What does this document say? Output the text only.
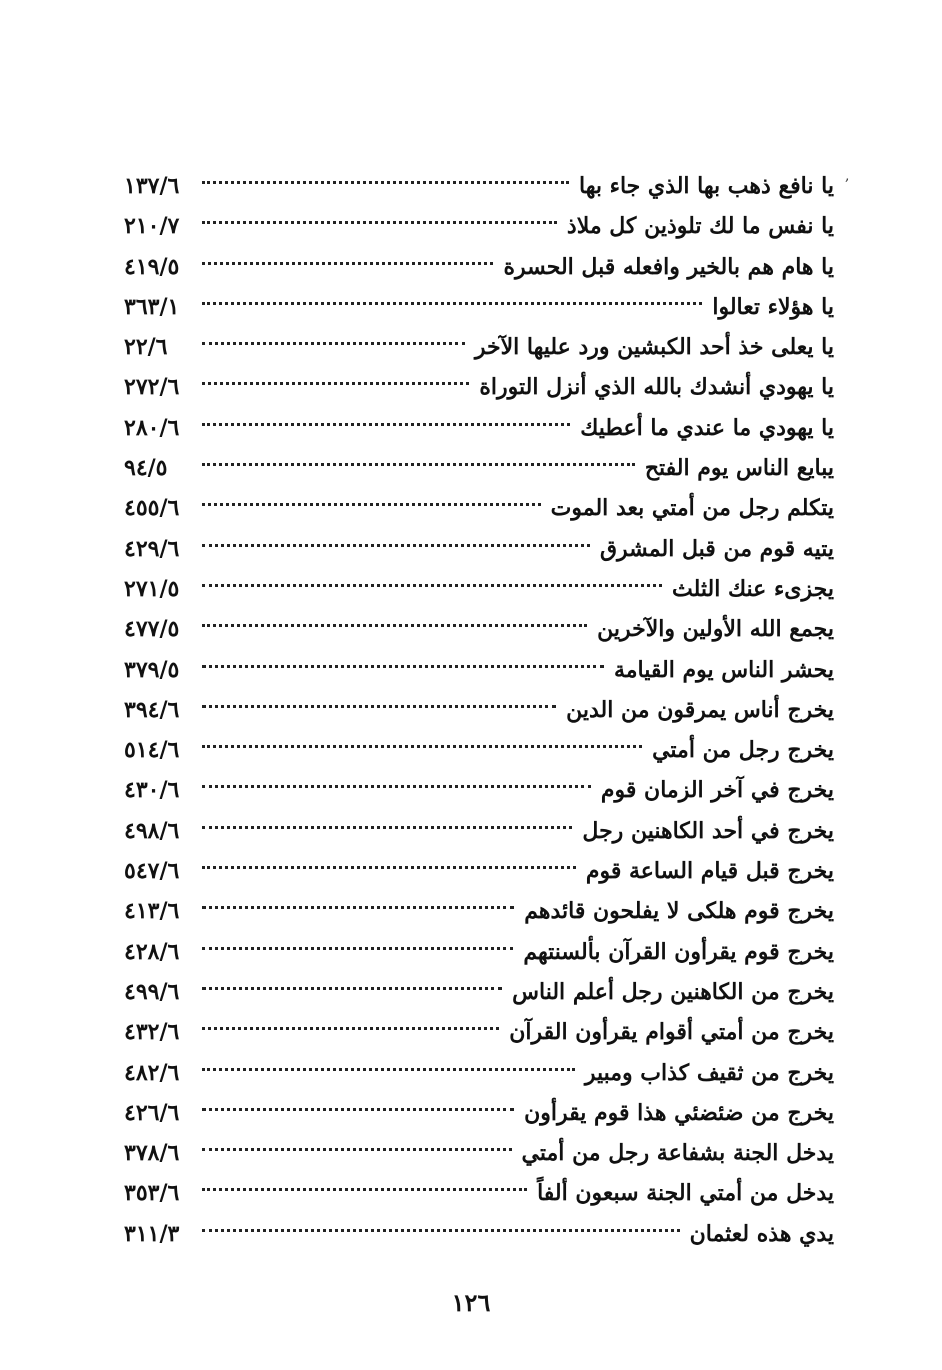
,
يا نافع ذهب بها الذي جاء بها
١٣٧/٦
يا نفس ما لك تلوذين كل ملاذ
٢١٠/٧
يا هام هم بالخير وافعله قبل الحسرة
٤١٩/٥
يا هؤلاء تعالوا
٣٦٣/١
يا يعلى خذ أحد الكبشين ورد عليها الآخر
٢٢/٦
يا يهودي أنشدك بالله الذي أنزل التوراة
٢٧٢/٦
يا يهودي ما عندي ما أعطيك
٢٨٠/٦
يبايع الناس يوم الفتح
٩٤/٥
يتكلم رجل من أمتي بعد الموت
٤٥٥/٦
يتيه قوم من قبل المشرق
٤٢٩/٦
يجزىء عنك الثلث
٢٧١/٥
يجمع الله الأولين والآخرين
٤٧٧/٥
يحشر الناس يوم القيامة
٣٧٩/٥
يخرج أناس يمرقون من الدين
٣٩٤/٦
يخرج رجل من أمتي
٥١٤/٦
يخرج في آخر الزمان قوم
٤٣٠/٦
يخرج في أحد الكاهنين رجل
٤٩٨/٦
يخرج قبل قيام الساعة قوم
٥٤٧/٦
يخرج قوم هلكى لا يفلحون قائدهم
٤١٣/٦
يخرج قوم يقرأون القرآن بألسنتهم
٤٢٨/٦
يخرج من الكاهنين رجل أعلم الناس
٤٩٩/٦
يخرج من أمتي أقوام يقرأون القرآن
٤٣٢/٦
يخرج من ثقيف كذاب ومبير
٤٨٢/٦
يخرج من ضئضئي هذا قوم يقرأون
٤٢٦/٦
يدخل الجنة بشفاعة رجل من أمتي
٣٧٨/٦
يدخل من أمتي الجنة سبعون ألفاً
٣٥٣/٦
يدي هذه لعثمان
٣١١/٣
١٢٦
